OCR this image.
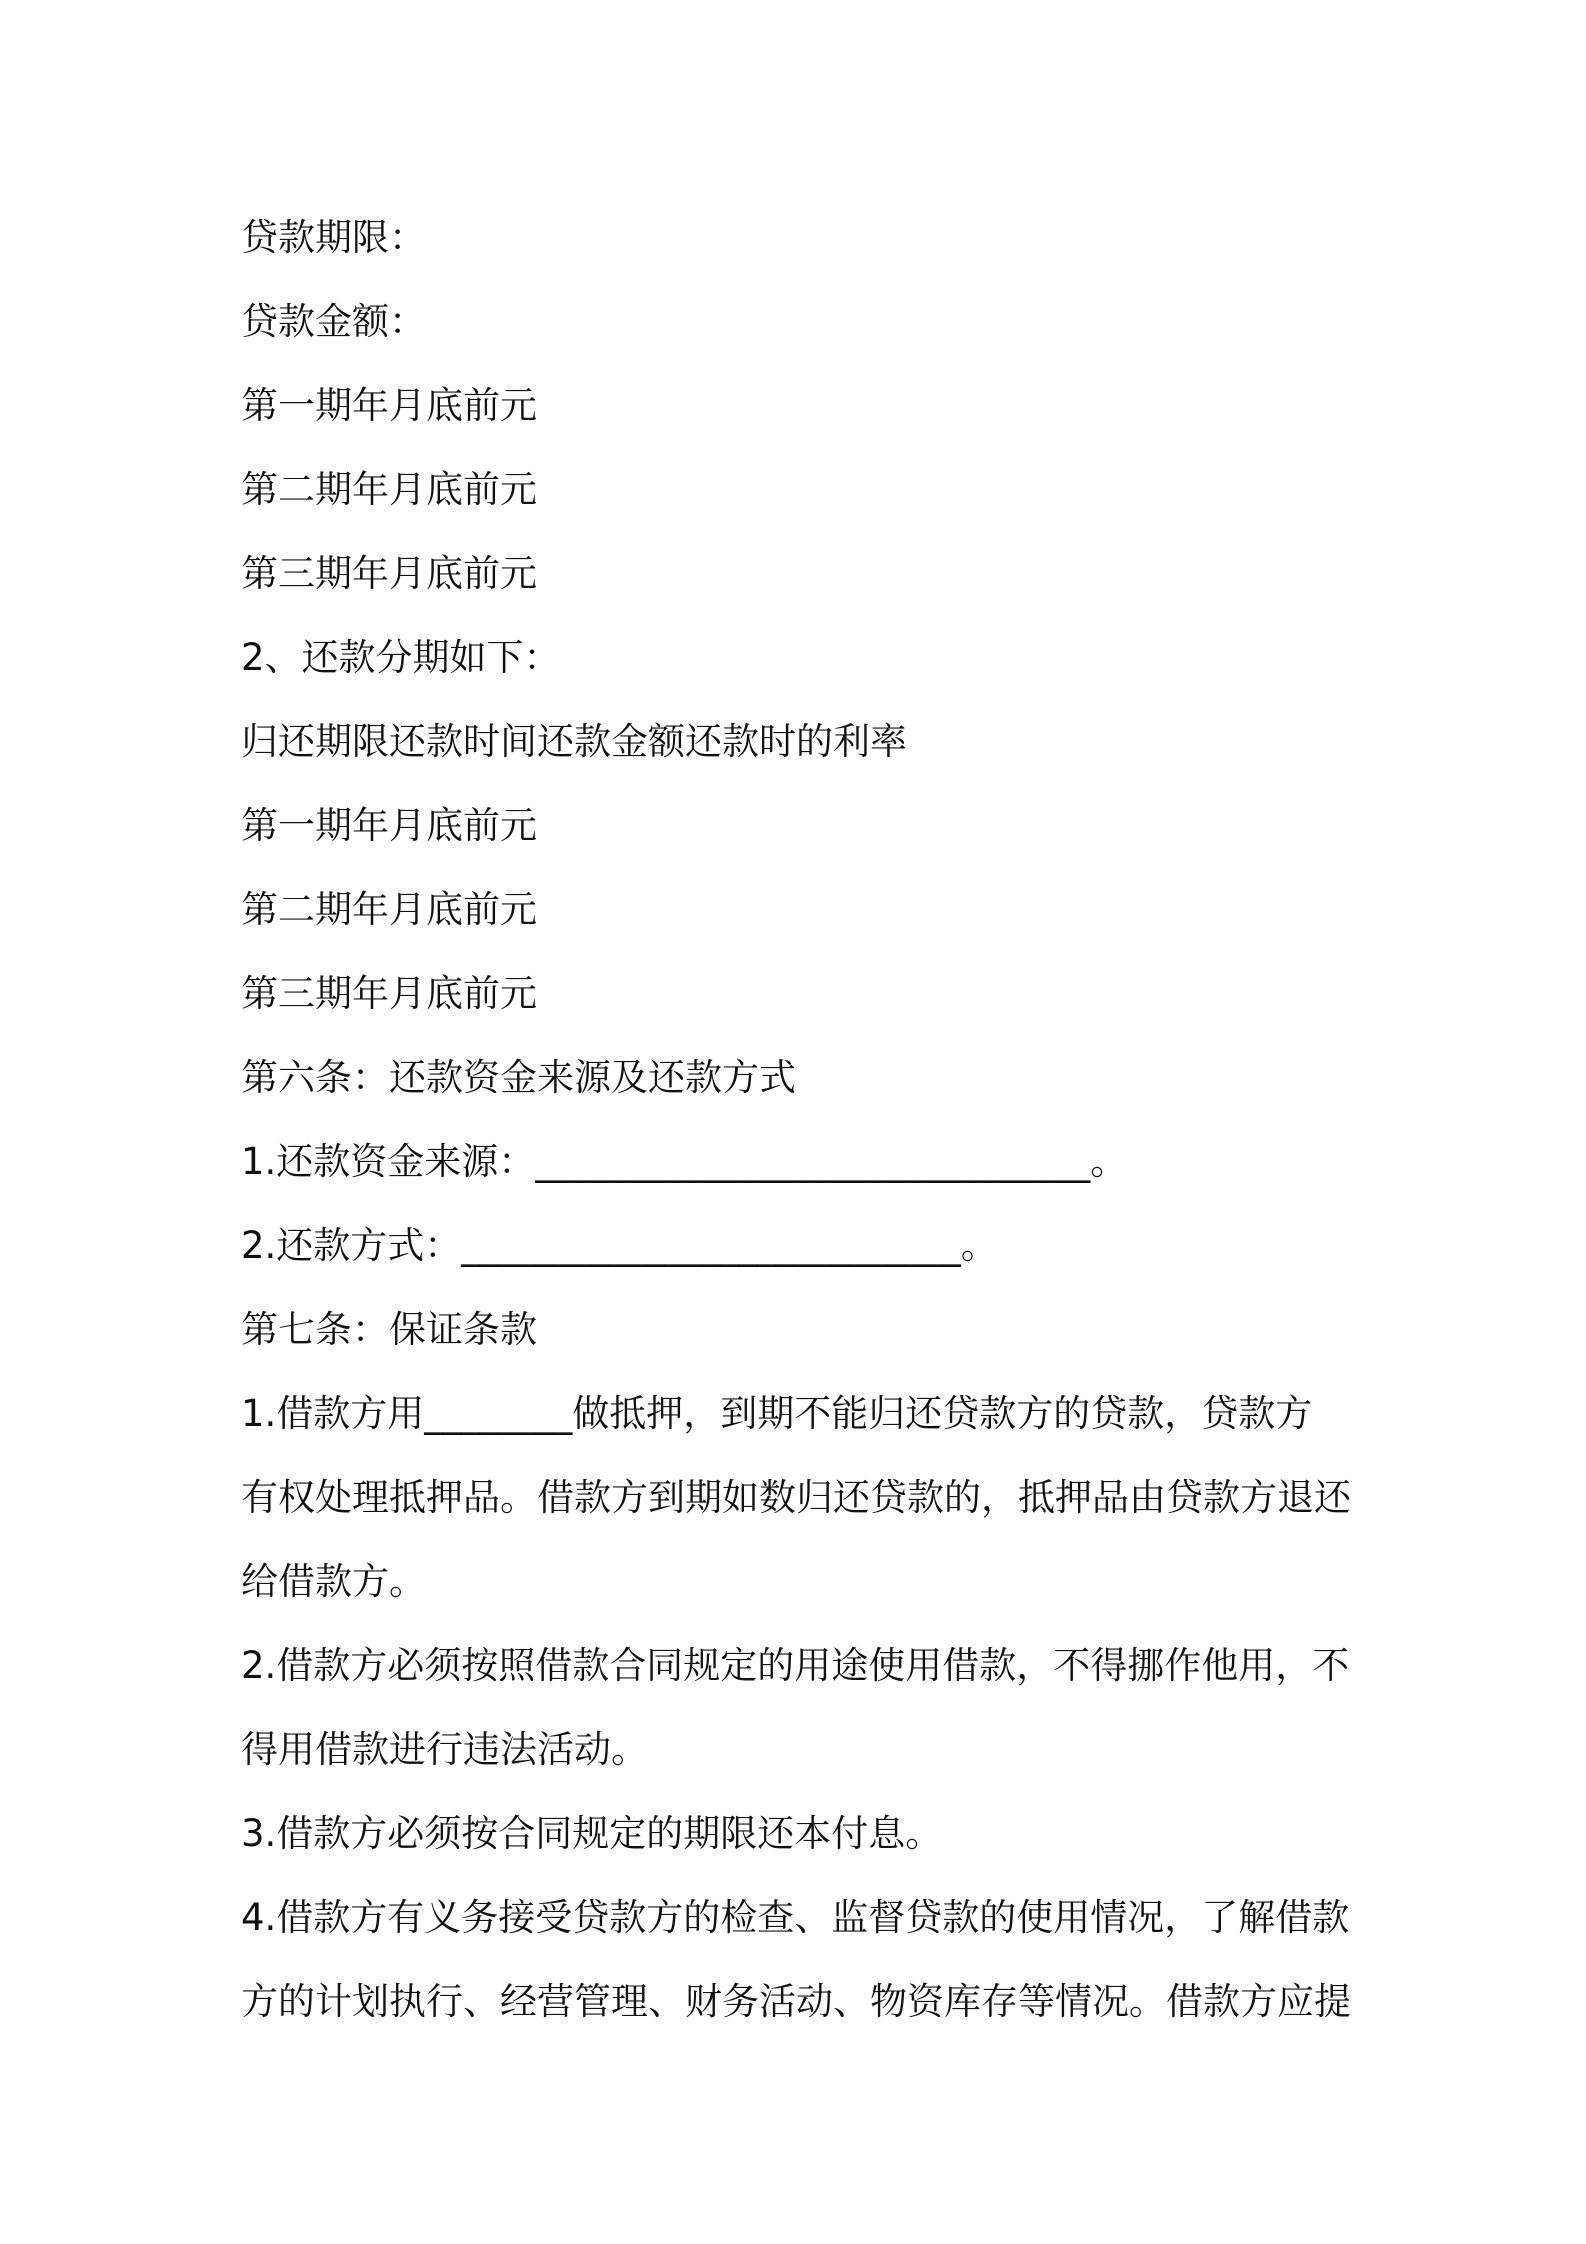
贷款期限：

贷款金额：

第一期年月底前元

第二期年月底前元

第三期年月底前元

2、还款分期如下：

归还期限还款时间还款金额还款时的利率

第一期年月底前元

第二期年月底前元

第三期年月底前元

第六条：还款资金来源及还款方式

1.还款资金来源：______________________________。

2.还款方式：___________________________。

第七条：保证条款

1.借款方用________做抵押，到期不能归还贷款方的贷款，贷款方

有权处理抵押品。借款方到期如数归还贷款的，抵押品由贷款方退还

给借款方。

2.借款方必须按照借款合同规定的用途使用借款，不得挪作他用，不

得用借款进行违法活动。

3.借款方必须按合同规定的期限还本付息。

4.借款方有义务接受贷款方的检查、监督贷款的使用情况，了解借款

方的计划执行、经营管理、财务活动、物资库存等情况。借款方应提
